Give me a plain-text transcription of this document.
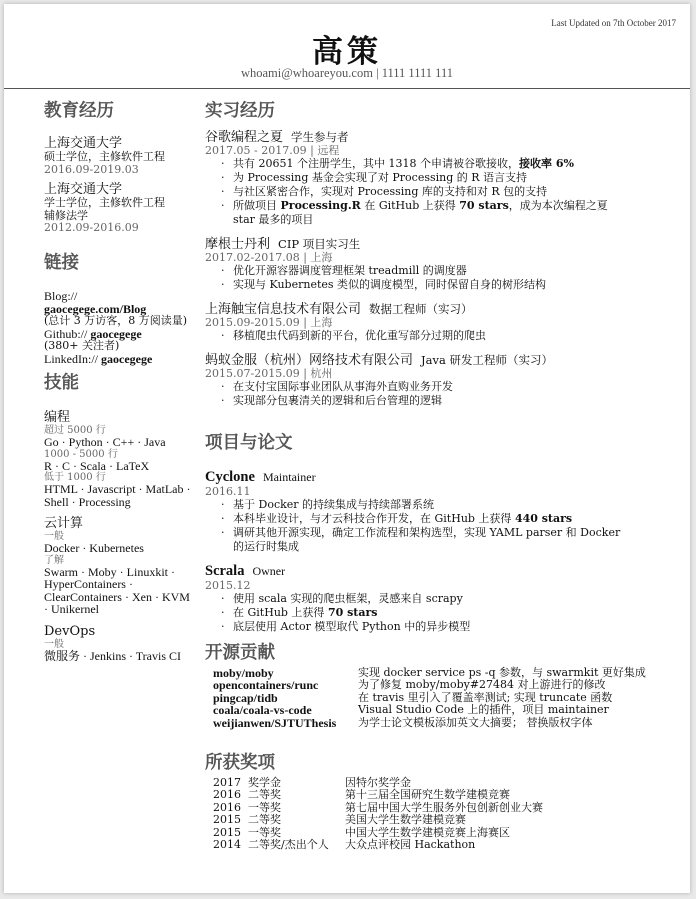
Last Updated on 7th October 2017
高策
whoami@whoareyou.com | 1111 1111 111
教育经历
上海交通大学
硕士学位，主修软件工程
2016.09-2019.03
上海交通大学
学士学位，主修软件工程
辅修法学
2012.09-2016.09
链接
Blog://
gaocegege.com/Blog
(总计 3 万访客，8 万阅读量)
Github:// gaocegege
(380+ 关注者)
LinkedIn:// gaocegege
技能
编程
超过 5000 行
Go · Python · C++ · Java
1000 - 5000 行
R · C · Scala · LaTeX
低于 1000 行
HTML · Javascript · MatLab · Shell · Processing
云计算
一般
Docker · Kubernetes
了解
Swarm · Moby · Linuxkit · HyperContainers · ClearContainers · Xen · KVM · Unikernel
DevOps
一般
微服务 · Jenkins · Travis CI
实习经历
谷歌编程之夏 学生参与者
2017.05 - 2017.09 | 远程
· 共有 20651 个注册学生，其中 1318 个申请被谷歌接收，接收率 6%
· 为 Processing 基金会实现了对 Processing 的 R 语言支持
· 与社区紧密合作，实现对 Processing 库的支持和对 R 包的支持
· 所做项目 Processing.R 在 GitHub 上获得 70 stars，成为本次编程之夏 star 最多的项目
摩根士丹利 CIP 项目实习生
2017.02-2017.08 | 上海
· 优化开源容器调度管理框架 treadmill 的调度器
· 实现与 Kubernetes 类似的调度模型，同时保留自身的树形结构
上海触宝信息技术有限公司 数据工程师（实习）
2015.09-2015.09 | 上海
· 移植爬虫代码到新的平台，优化重写部分过期的爬虫
蚂蚁金服（杭州）网络技术有限公司 Java 研发工程师（实习）
2015.07-2015.09 | 杭州
· 在支付宝国际事业团队从事海外直购业务开发
· 实现部分包裹清关的逻辑和后台管理的逻辑
项目与论文
Cyclone Maintainer
2016.11
· 基于 Docker 的持续集成与持续部署系统
· 本科毕业设计，与才云科技合作开发，在 GitHub 上获得 440 stars
· 调研其他开源实现，确定工作流程和架构选型，实现 YAML parser 和 Docker 的运行时集成
Scrala Owner
2015.12
· 使用 scala 实现的爬虫框架，灵感来自 scrapy
· 在 GitHub 上获得 70 stars
· 底层使用 Actor 模型取代 Python 中的异步模型
开源贡献
moby/moby	实现 docker service ps -q 参数，与 swarmkit 更好集成
opencontainers/runc	为了修复 moby/moby#27484 对上游进行的修改
pingcap/tidb	在 travis 里引入了覆盖率测试; 实现 truncate 函数
coala/coala-vs-code	Visual Studio Code 上的插件，项目 maintainer
weijianwen/SJTUThesis	为学士论文模板添加英文大摘要； 替换版权字体
所获奖项
2017 奖学金	因特尔奖学金
2016 二等奖	第十三届全国研究生数学建模竞赛
2016 一等奖	第七届中国大学生服务外包创新创业大赛
2015 二等奖	美国大学生数学建模竞赛
2015 一等奖	中国大学生数学建模竞赛上海赛区
2014 二等奖/杰出个人	大众点评校园 Hackathon
